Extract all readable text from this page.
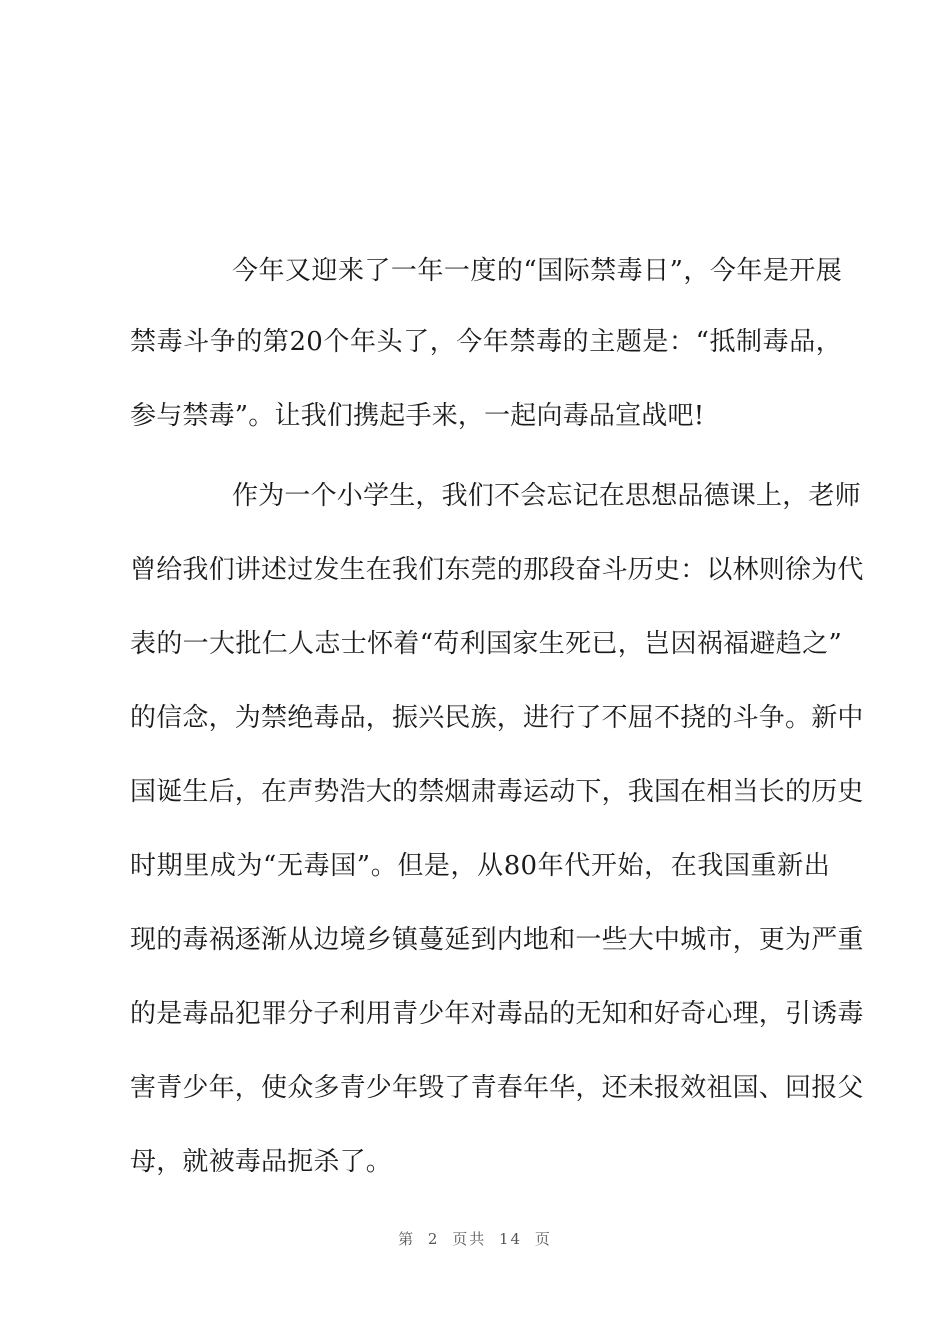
今年又迎来了一年一度的“国际禁毒日”，今年是开展
禁毒斗争的第20个年头了，今年禁毒的主题是：“抵制毒品，
参与禁毒”。让我们携起手来，一起向毒品宣战吧!
作为一个小学生，我们不会忘记在思想品德课上，老师
曾给我们讲述过发生在我们东莞的那段奋斗历史：以林则徐为代
表的一大批仁人志士怀着“苟利国家生死已，岂因祸福避趋之”
的信念，为禁绝毒品，振兴民族，进行了不屈不挠的斗争。新中
国诞生后，在声势浩大的禁烟肃毒运动下，我国在相当长的历史
时期里成为“无毒国”。但是，从80年代开始，在我国重新出
现的毒祸逐渐从边境乡镇蔓延到内地和一些大中城市，更为严重
的是毒品犯罪分子利用青少年对毒品的无知和好奇心理，引诱毒
害青少年，使众多青少年毁了青春年华，还未报效祖国、回报父
母，就被毒品扼杀了。
第 2 页共 14 页
